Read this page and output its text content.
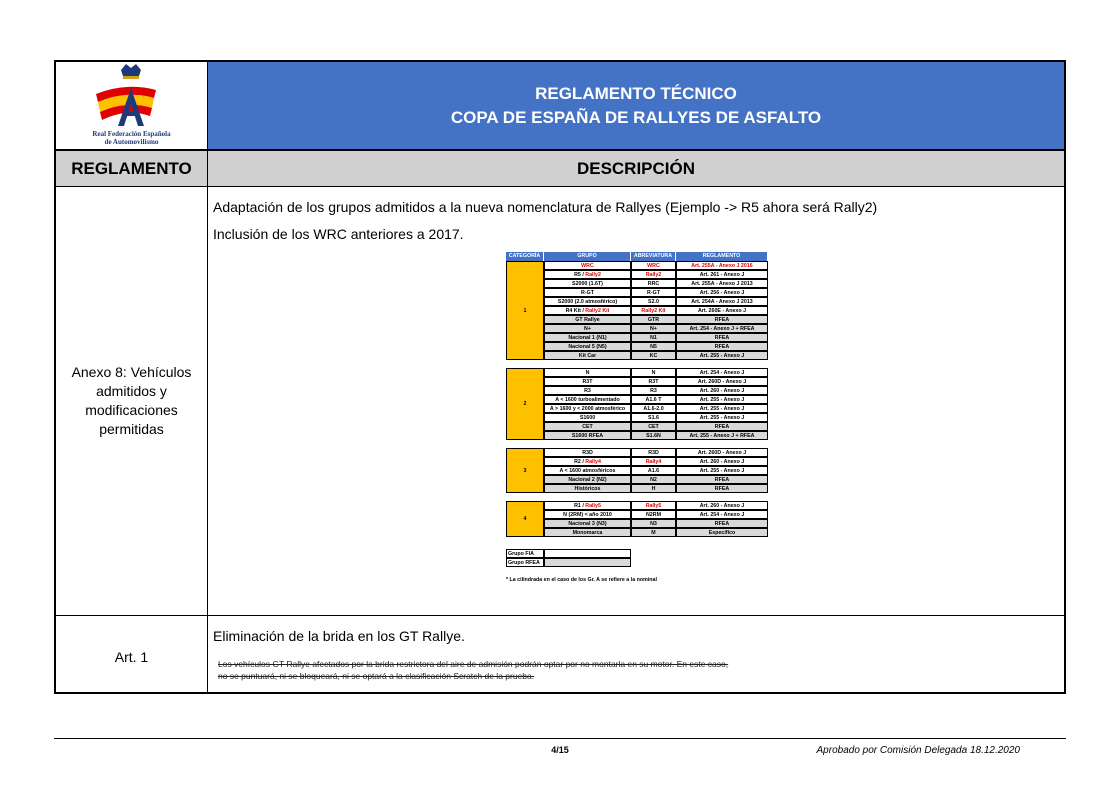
Real Federación Española
de Automovilismo
REGLAMENTO TÉCNICO
COPA DE ESPAÑA DE RALLYES DE ASFALTO
REGLAMENTO	DESCRIPCIÓN
Anexo 8: Vehículos
admitidos y
modificaciones
permitidas
Adaptación de los grupos admitidos a la nueva nomenclatura de Rallyes (Ejemplo -> R5 ahora será Rally2)
Inclusión de los WRC anteriores a 2017.
CATEGORÍA	GRUPO	ABREVIATURA	REGLAMENTO
1
WRC	WRC	Art. 255A - Anexo J 2016
R5 / Rally2	Rally2	Art. 261 - Anexo J
S2000 (1.6T)	RRC	Art. 255A - Anexo J 2013
R-GT	R-GT	Art. 256 - Anexo J
S2000 (2.0 atmosférico)	S2.0	Art. 254A - Anexo J 2013
R4 Kit / Rally2 Kit	Rally2 Kit	Art. 260E - Anexo J
GT Rallye	GTR	RFEA
N+	N+	Art. 254 - Anexo J + RFEA
Nacional 1 (N1)	N1	RFEA
Nacional 5 (N5)	N5	RFEA
Kit Car	KC	Art. 255 - Anexo J
2
N	N	Art. 254 - Anexo J
R3T	R3T	Art. 260D - Anexo J
R3	R3	Art. 260 - Anexo J
A < 1600 turboalimentado	A1.6 T	Art. 255 - Anexo J
A > 1600 y < 2000 atmosférico	A1.6-2.0	Art. 255 - Anexo J
S1600	S1.6	Art. 255 - Anexo J
CET	CET	RFEA
S1600 RFEA	S1.6N	Art. 255 - Anexo J + RFEA
3
R3D	R3D	Art. 260D - Anexo J
R2 / Rally4	Rally4	Art. 260 - Anexo J
A < 1600 atmosféricos	A1.6	Art. 255 - Anexo J
Nacional 2 (N2)	N2	RFEA
Históricos	H	RFEA
4
R1 / Rally5	Rally5	Art. 260 - Anexo J
N (2RM) < año 2010	N2RM	Art. 254 - Anexo J
Nacional 3 (N3)	N3	RFEA
Monomarca	M	Específico
Grupo FIA
Grupo RFEA
* La cilindrada en el caso de los Gr. A se refiere a la nominal
Art. 1
Eliminación de la brida en los GT Rallye.
Los vehículos GT Rallye afectados por la brida restrictora del aire de admisión podrán optar por no montarla en su motor. En este caso,
no se puntuará, ni se bloqueará, ni se optará a la clasificación Scratch de la prueba.
4/15	Aprobado por Comisión Delegada 18.12.2020
